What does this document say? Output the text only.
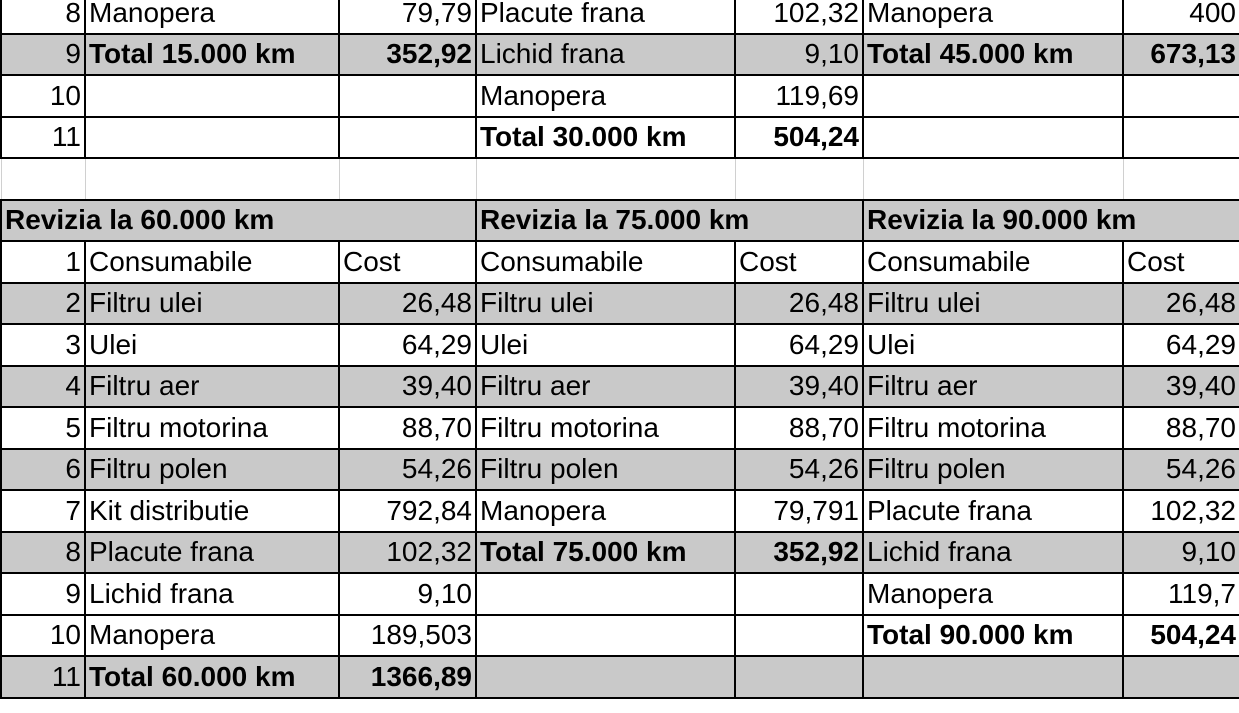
8	Manopera	79,79	Placute frana	102,32	Manopera	400
9	Total 15.000 km	352,92	Lichid frana	9,10	Total 45.000 km	673,13
10			Manopera	119,69		
11			Total 30.000 km	504,24		

Revizia la 60.000 km			Revizia la 75.000 km		Revizia la 90.000 km	
1	Consumabile	Cost	Consumabile	Cost	Consumabile	Cost
2	Filtru ulei	26,48	Filtru ulei	26,48	Filtru ulei	26,48
3	Ulei	64,29	Ulei	64,29	Ulei	64,29
4	Filtru aer	39,40	Filtru aer	39,40	Filtru aer	39,40
5	Filtru motorina	88,70	Filtru motorina	88,70	Filtru motorina	88,70
6	Filtru polen	54,26	Filtru polen	54,26	Filtru polen	54,26
7	Kit distributie	792,84	Manopera	79,791	Placute frana	102,32
8	Placute frana	102,32	Total 75.000 km	352,92	Lichid frana	9,10
9	Lichid frana	9,10			Manopera	119,7
10	Manopera	189,503			Total 90.000 km	504,24
11	Total 60.000 km	1366,89				
